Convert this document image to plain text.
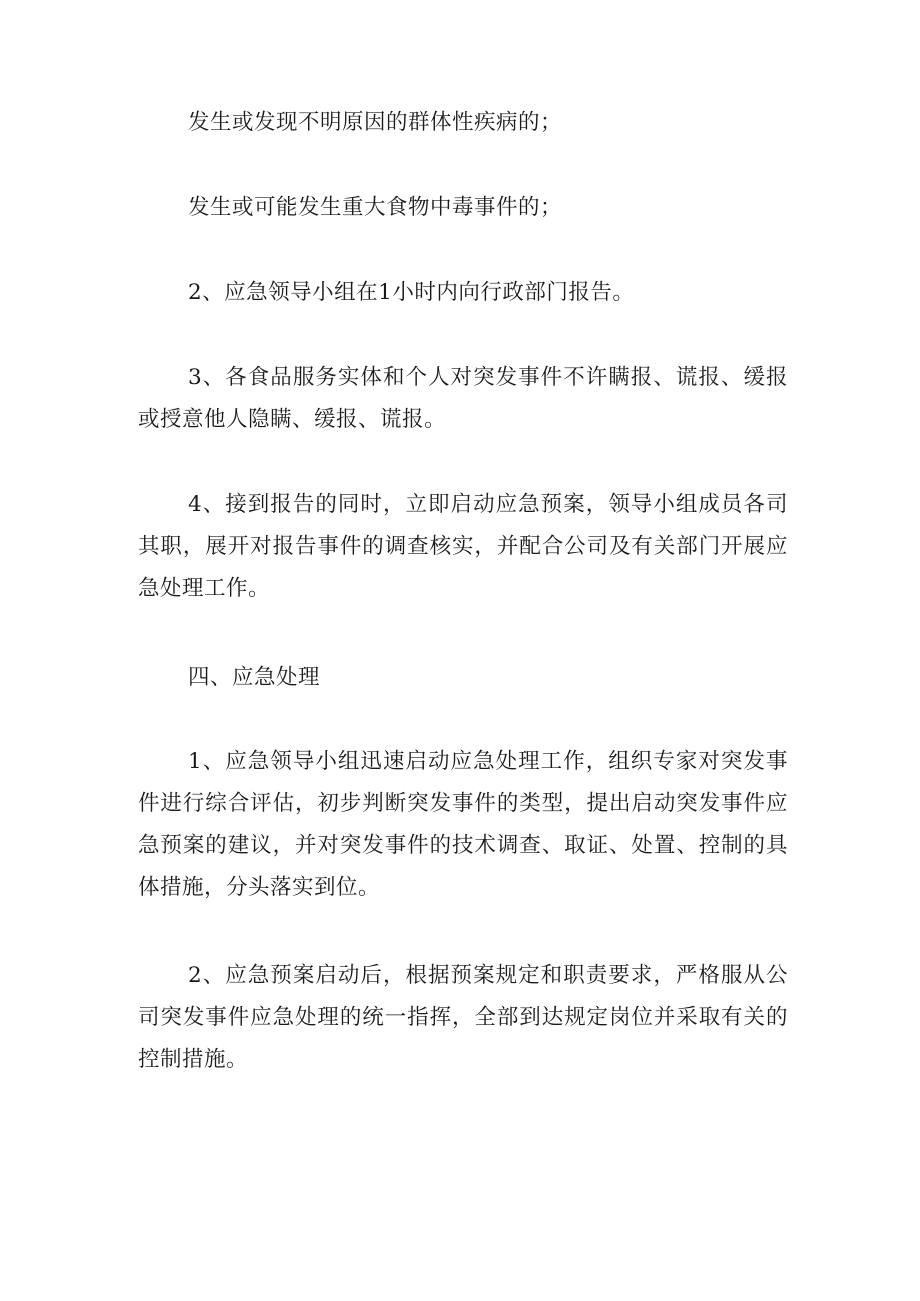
发生或发现不明原因的群体性疾病的；

发生或可能发生重大食物中毒事件的；

2、应急领导小组在1小时内向行政部门报告。

3、各食品服务实体和个人对突发事件不许瞒报、谎报、缓报或授意他人隐瞒、缓报、谎报。

4、接到报告的同时，立即启动应急预案，领导小组成员各司其职，展开对报告事件的调查核实，并配合公司及有关部门开展应急处理工作。

四、应急处理

1、应急领导小组迅速启动应急处理工作，组织专家对突发事件进行综合评估，初步判断突发事件的类型，提出启动突发事件应急预案的建议，并对突发事件的技术调查、取证、处置、控制的具体措施，分头落实到位。

2、应急预案启动后，根据预案规定和职责要求，严格服从公司突发事件应急处理的统一指挥，全部到达规定岗位并采取有关的控制措施。
